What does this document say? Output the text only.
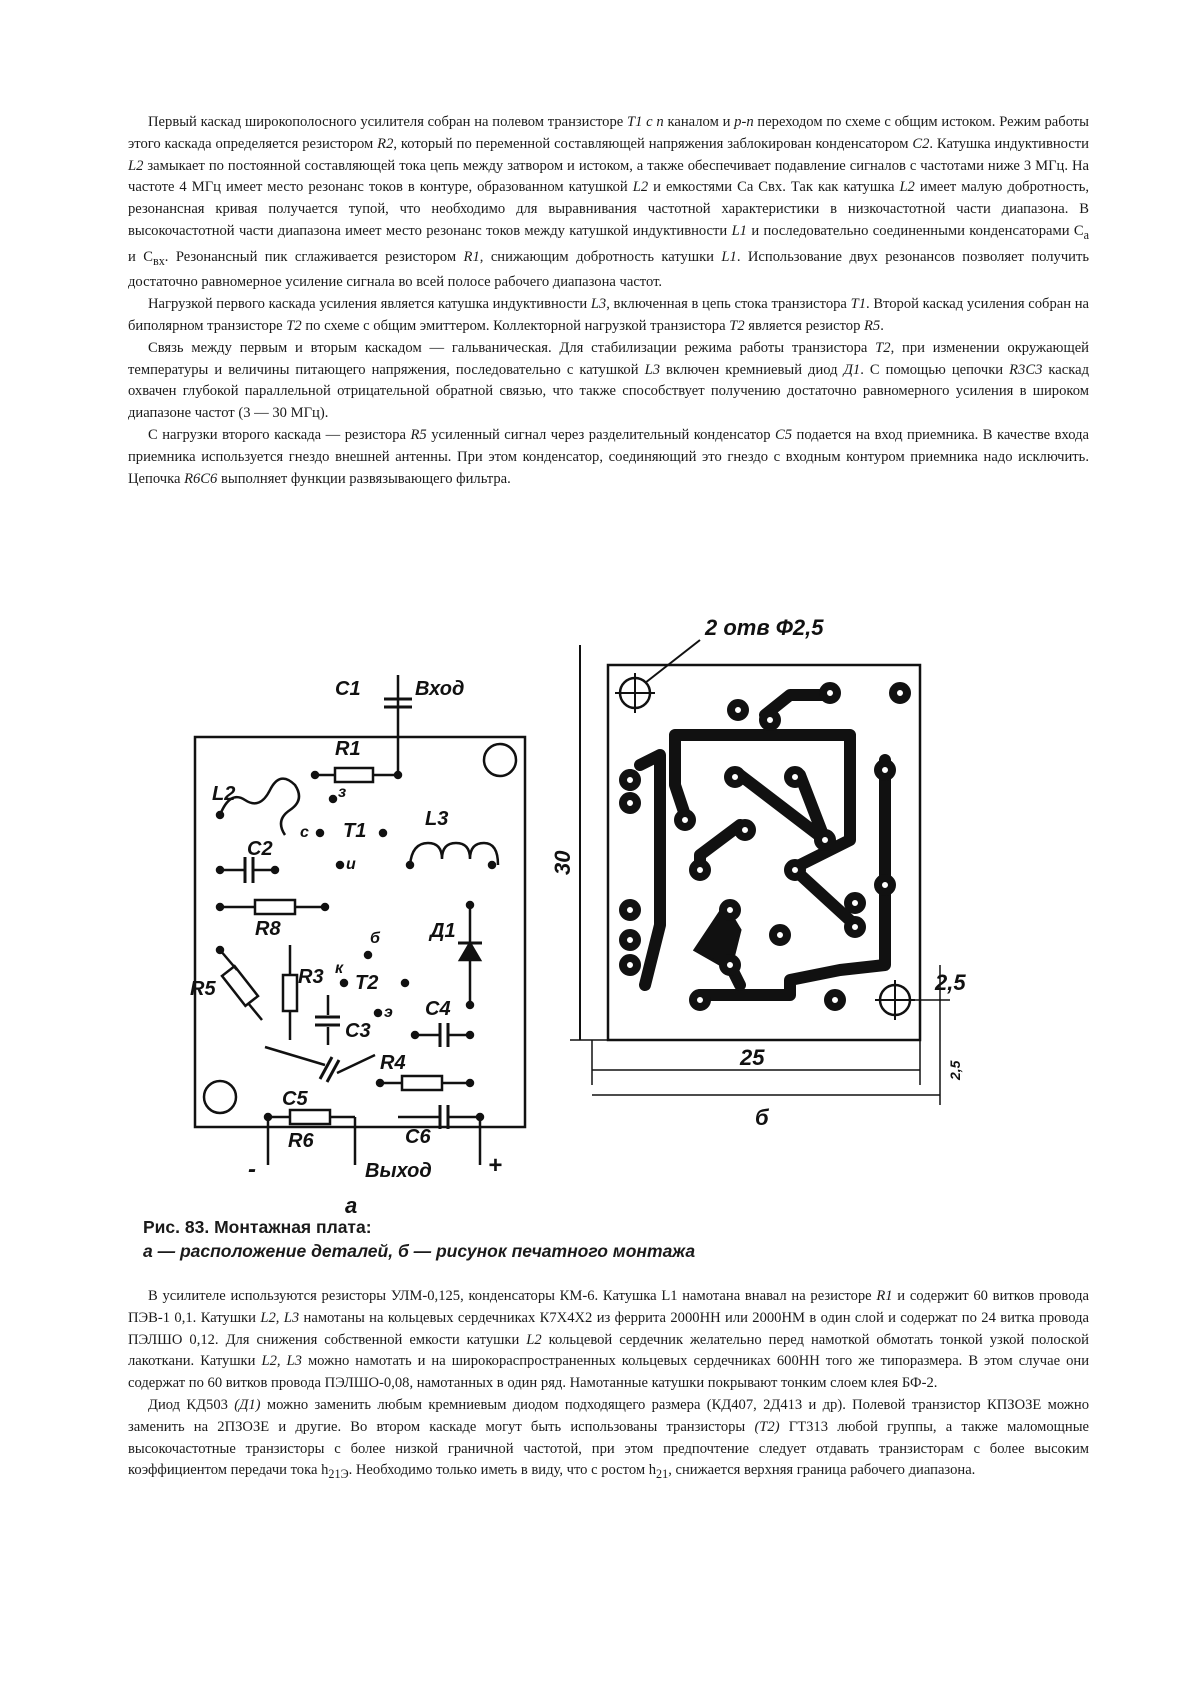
Первый каскад широкополосного усилителя собран на полевом транзисторе T1 с n каналом и p-n переходом по схеме с общим истоком. Режим работы этого каскада определяется резистором R2, который по переменной составляющей напряжения заблокирован конденсатором C2. Катушка индуктивности L2 замыкает по постоянной составляющей тока цепь между затвором и истоком, а также обеспечивает подавление сигналов с частотами ниже 3 МГц. На частоте 4 МГц имеет место резонанс токов в контуре, образованном катушкой L2 и емкостями Cа Cвх. Так как катушка L2 имеет малую добротность, резонансная кривая получается тупой, что необходимо для выравнивания частотной характеристики в низкочастотной части диапазона. В высокочастотной части диапазона имеет место резонанс токов между катушкой индуктивности L1 и последовательно соединенными конденсаторами $C_а$ и $C_{вх}$. Резонансный пик сглаживается резистором R1, снижающим добротность катушки L1. Использование двух резонансов позволяет получить достаточно равномерное усиление сигнала во всей полосе рабочего диапазона частот.

Нагрузкой первого каскада усиления является катушка индуктивности L3, включенная в цепь стока транзистора T1. Второй каскад усиления собран на биполярном транзисторе T2 по схеме с общим эмиттером. Коллекторной нагрузкой транзистора T2 является резистор R5.

Связь между первым и вторым каскадом — гальваническая. Для стабилизации режима работы транзистора T2, при изменении окружающей температуры и величины питающего напряжения, последовательно с катушкой L3 включен кремниевый диод Д1. С помощью цепочки R3C3 каскад охвачен глубокой параллельной отрицательной обратной связью, что также способствует получению достаточно равномерного усиления в широком диапазоне частот (3 — 30 МГц).

С нагрузки второго каскада — резистора R5 усиленный сигнал через разделительный конденсатор C5 подается на вход приемника. В качестве входа приемника используется гнездо внешней антенны. При этом конденсатор, соединяющий это гнездо с входным контуром приемника надо исключить. Цепочка R6C6 выполняет функции развязывающего фильтра.

C1	Вход
R1
L2	з
с T1
и
L3
C2
R8	б
к
Д1
T2
э
R5
R3
C3
C4
R4
C5
R6	C6
-	Выход +
а
2 отв Ф2,5
30
25
б
2,5
2,5
Рис. 83. Монтажная плата:
а — расположение деталей, б — рисунок печатного монтажа

В усилителе используются резисторы УЛМ-0,125, конденсаторы КМ-6. Катушка L1 намотана внавал на резисторе R1 и содержит 60 витков провода ПЭВ-1 0,1. Катушки L2, L3 намотаны на кольцевых сердечниках К7Х4Х2 из феррита 2000НН или 2000НМ в один слой и содержат по 24 витка провода ПЭЛШО 0,12. Для снижения собственной емкости катушки L2 кольцевой сердечник желательно перед намоткой обмотать тонкой узкой полоской лакоткани. Катушки L2, L3 можно намотать и на широкораспространенных кольцевых сердечниках 600НН того же типоразмера. В этом случае они содержат по 60 витков провода ПЭЛШО-0,08, намотанных в один ряд. Намотанные катушки покрывают тонким слоем клея БФ-2.

Диод КД503 (Д1) можно заменить любым кремниевым диодом подходящего размера (КД407, 2Д413 и др). Полевой транзистор КПЗОЗЕ можно заменить на 2ПЗОЗЕ и другие. Во втором каскаде могут быть использованы транзисторы (T2) ГТ313 любой группы, а также маломощные высокочастотные транзисторы с более низкой граничной частотой, при этом предпочтение следует отдавать транзисторам с более высоким коэффициентом передачи тока $h_{21Э}$. Необходимо только иметь в виду, что с ростом $h_{21}$, снижается верхняя граница рабочего диапазона.
